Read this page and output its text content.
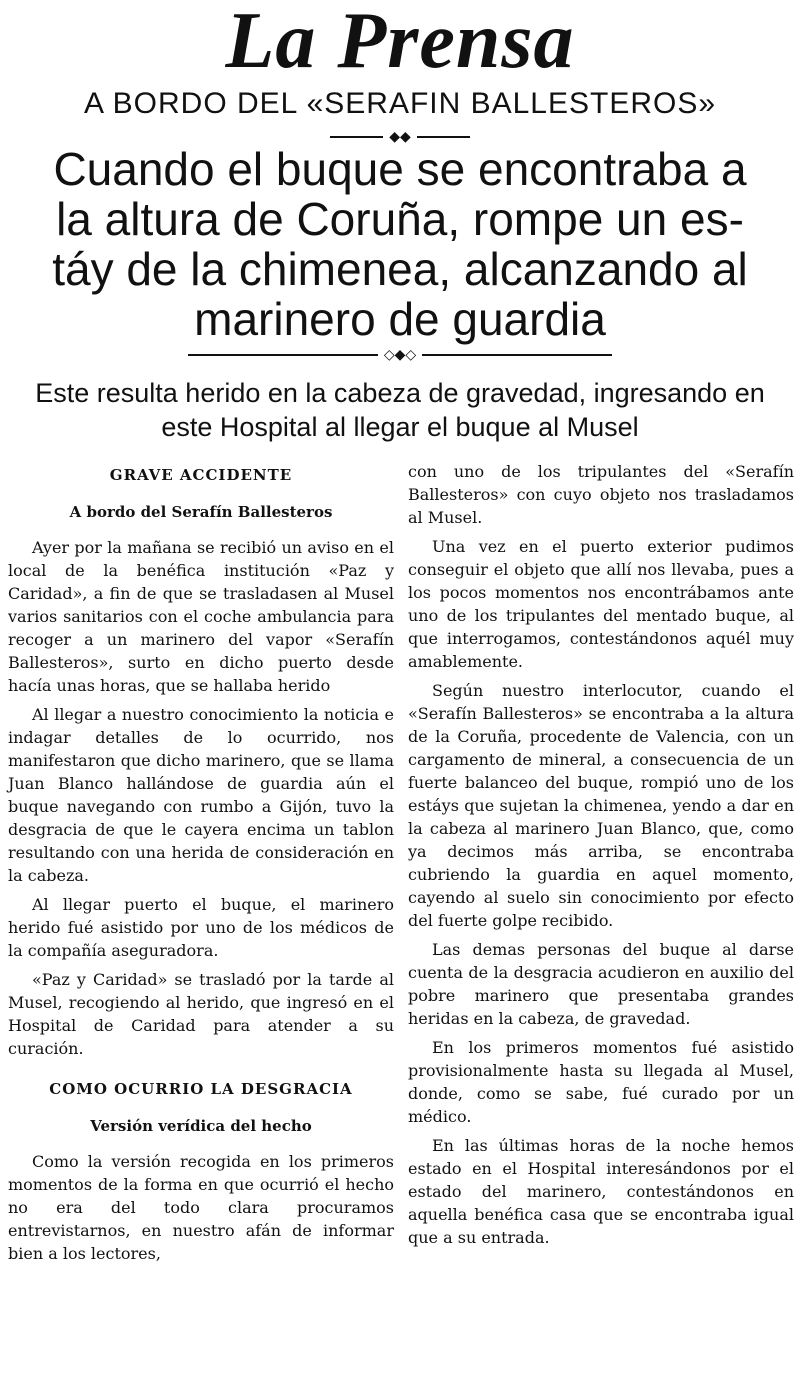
La Prensa
A BORDO DEL «SERAFIN BALLESTEROS»
◆◆
Cuando el buque se encontraba a
la altura de Coruña, rompe un es-
táy de la chimenea, alcanzando al
marinero de guardia
◇◆◇
Este resulta herido en la cabeza de gravedad, ingresando en
este Hospital al llegar el buque al Musel
GRAVE ACCIDENTE
A bordo del Serafín Ballesteros

Ayer por la mañana se recibió un aviso en el local de la benéfica institución «Paz y Caridad», a fin de que se trasladasen al Musel varios sanitarios con el coche ambulancia para recoger a un marinero del vapor «Serafín Ballesteros», surto en dicho puerto desde hacía unas horas, que se hallaba herido

Al llegar a nuestro conocimiento la noticia e indagar detalles de lo ocurrido, nos manifestaron que dicho marinero, que se llama Juan Blanco hallándose de guardia aún el buque navegando con rumbo a Gijón, tuvo la desgracia de que le cayera encima un tablon resultando con una herida de consideración en la cabeza.

Al llegar puerto el buque, el marinero herido fué asistido por uno de los médicos de la compañía aseguradora.

«Paz y Caridad» se trasladó por la tarde al Musel, recogiendo al herido, que ingresó en el Hospital de Caridad para atender a su curación.

COMO OCURRIO LA DESGRACIA
Versión verídica del hecho

Como la versión recogida en los primeros momentos de la forma en que ocurrió el hecho no era del todo clara procuramos entrevistarnos, en nuestro afán de informar bien a los lectores,

con uno de los tripulantes del «Serafín Ballesteros» con cuyo objeto nos trasladamos al Musel.

Una vez en el puerto exterior pudimos conseguir el objeto que allí nos llevaba, pues a los pocos momentos nos encontrábamos ante uno de los tripulantes del mentado buque, al que interrogamos, contestándonos aquél muy amablemente.

Según nuestro interlocutor, cuando el «Serafín Ballesteros» se encontraba a la altura de la Coruña, procedente de Valencia, con un cargamento de mineral, a consecuencia de un fuerte balanceo del buque, rompió uno de los estáys que sujetan la chimenea, yendo a dar en la cabeza al marinero Juan Blanco, que, como ya decimos más arriba, se encontraba cubriendo la guardia en aquel momento, cayendo al suelo sin conocimiento por efecto del fuerte golpe recibido.

Las demas personas del buque al darse cuenta de la desgracia acudieron en auxilio del pobre marinero que presentaba grandes heridas en la cabeza, de gravedad.

En los primeros momentos fué asistido provisionalmente hasta su llegada al Musel, donde, como se sabe, fué curado por un médico.

En las últimas horas de la noche hemos estado en el Hospital interesándonos por el estado del marinero, contestándonos en aquella benéfica casa que se encontraba igual que a su entrada.
